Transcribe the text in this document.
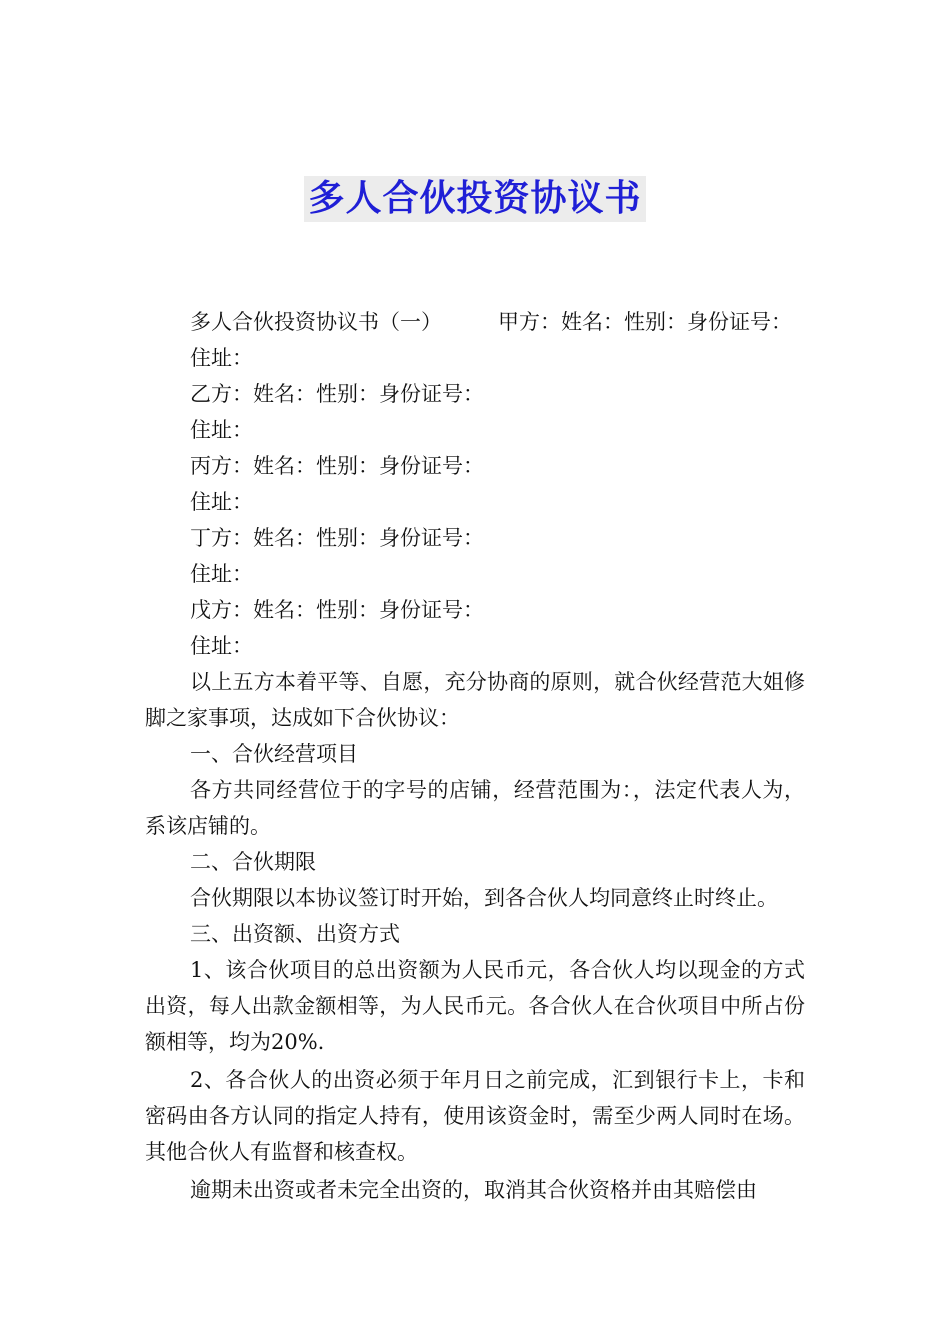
多人合伙投资协议书
多人合伙投资协议书（一）	甲方：姓名：性别：身份证号：
住址：
乙方：姓名：性别：身份证号：
住址：
丙方：姓名：性别：身份证号：
住址：
丁方：姓名：性别：身份证号：
住址：
戊方：姓名：性别：身份证号：
住址：
以上五方本着平等、自愿，充分协商的原则，就合伙经营范大姐修脚之家事项，达成如下合伙协议：
一、合伙经营项目
各方共同经营位于的字号的店铺，经营范围为：，法定代表人为，系该店铺的。
二、合伙期限
合伙期限以本协议签订时开始，到各合伙人均同意终止时终止。
三、出资额、出资方式
1、该合伙项目的总出资额为人民币元，各合伙人均以现金的方式出资，每人出款金额相等，为人民币元。各合伙人在合伙项目中所占份额相等，均为20%.
2、各合伙人的出资必须于年月日之前完成，汇到银行卡上，卡和密码由各方认同的指定人持有，使用该资金时，需至少两人同时在场。其他合伙人有监督和核查权。
逾期未出资或者未完全出资的，取消其合伙资格并由其赔偿由
